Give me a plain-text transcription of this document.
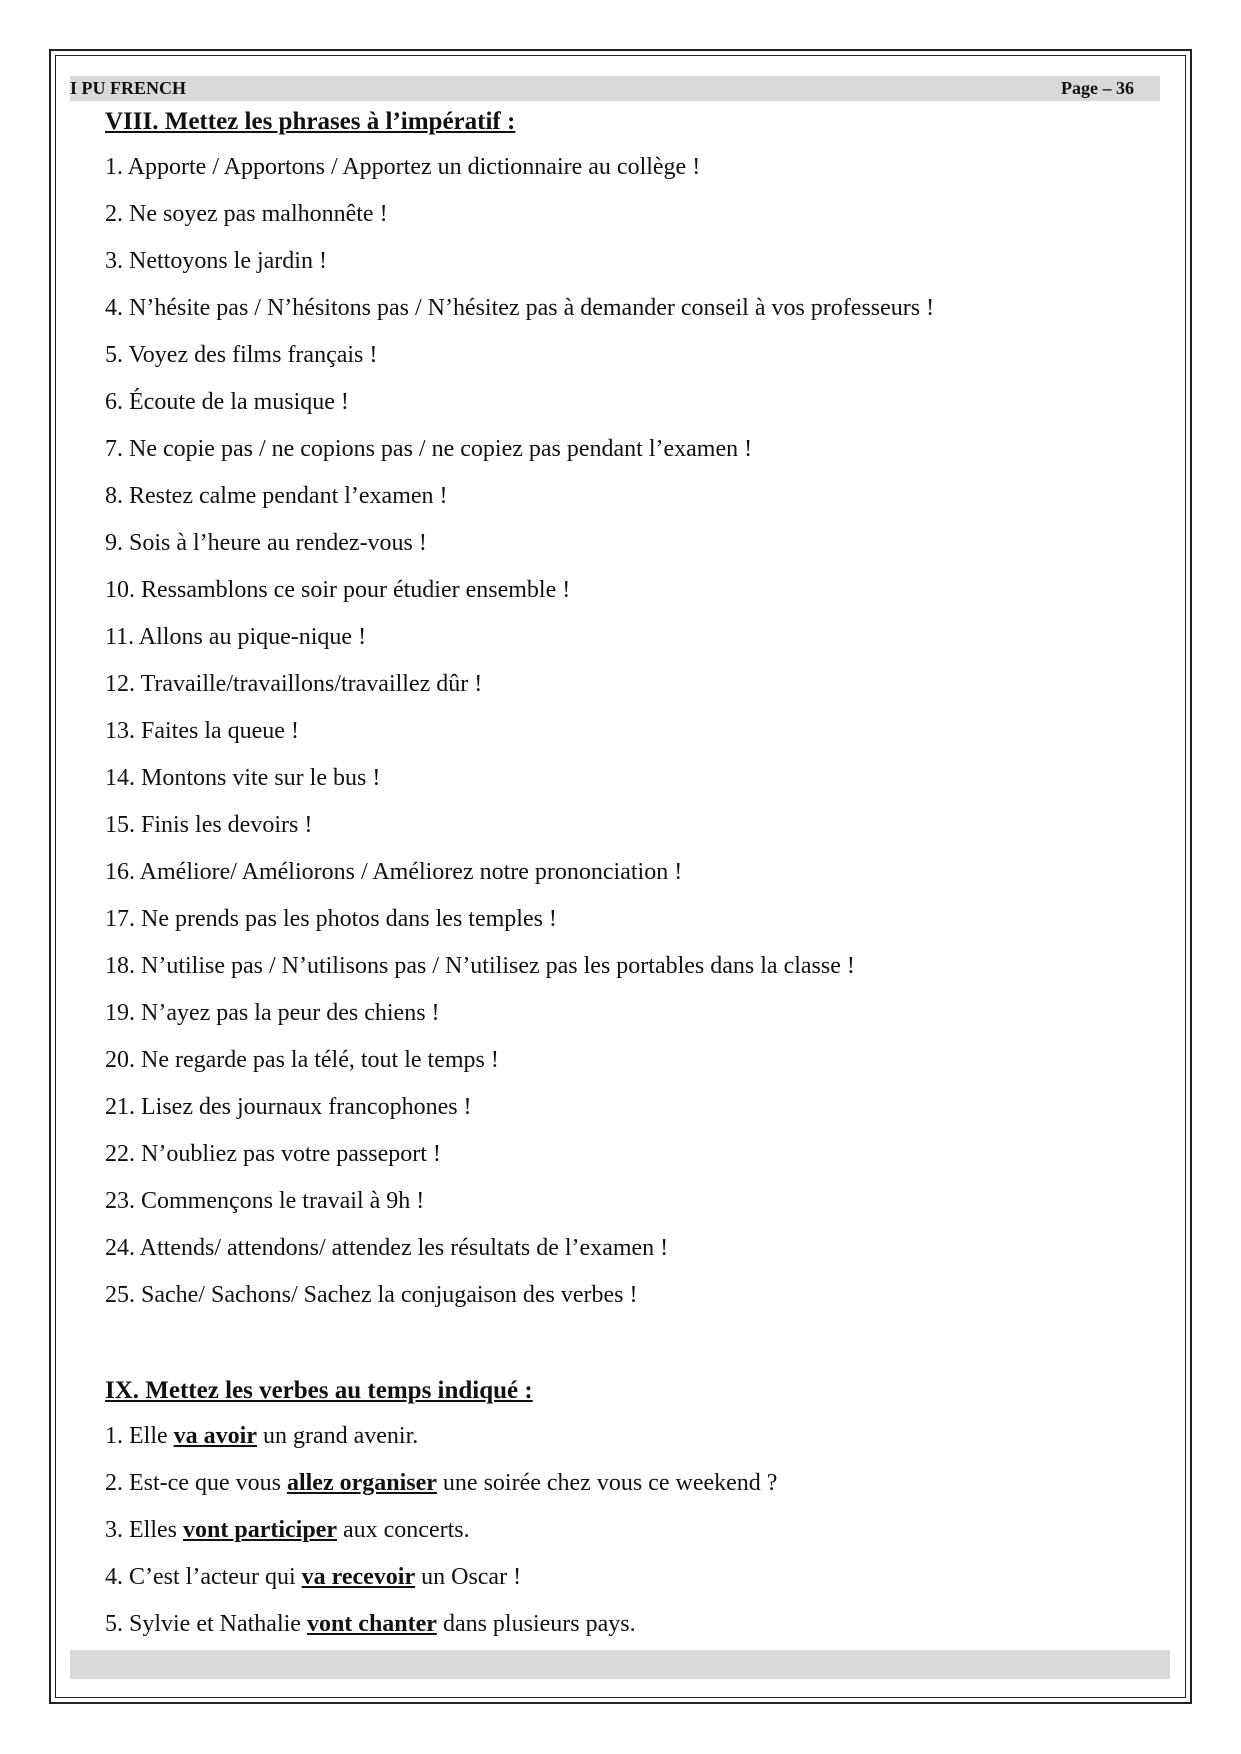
I PU FRENCH	Page – 36
VIII. Mettez les phrases à l’impératif :
1. Apporte / Apportons / Apportez un dictionnaire au collège !
2. Ne soyez pas malhonnête !
3. Nettoyons le jardin !
4. N’hésite pas / N’hésitons pas / N’hésitez pas à demander conseil à vos professeurs !
5. Voyez des films français !
6. Écoute de la musique !
7. Ne copie pas / ne copions pas / ne copiez pas pendant l’examen !
8. Restez calme pendant l’examen !
9. Sois à l’heure au rendez-vous !
10. Ressamblons ce soir pour étudier ensemble !
11. Allons au pique-nique !
12. Travaille/travaillons/travaillez dûr !
13. Faites la queue !
14. Montons vite sur le bus !
15. Finis les devoirs !
16. Améliore/ Améliorons / Améliorez notre prononciation !
17. Ne prends pas les photos dans les temples !
18. N’utilise pas / N’utilisons pas / N’utilisez pas les portables dans la classe !
19. N’ayez pas la peur des chiens !
20. Ne regarde pas la télé, tout le temps !
21. Lisez des journaux francophones !
22. N’oubliez pas votre passeport !
23. Commençons le travail à 9h !
24. Attends/ attendons/ attendez les résultats de l’examen !
25. Sache/ Sachons/ Sachez la conjugaison des verbes !
IX. Mettez les verbes au temps indiqué :
1. Elle va avoir un grand avenir.
2. Est-ce que vous allez organiser une soirée chez vous ce weekend ?
3. Elles vont participer aux concerts.
4. C’est l’acteur qui va recevoir un Oscar !
5. Sylvie et Nathalie vont chanter dans plusieurs pays.
